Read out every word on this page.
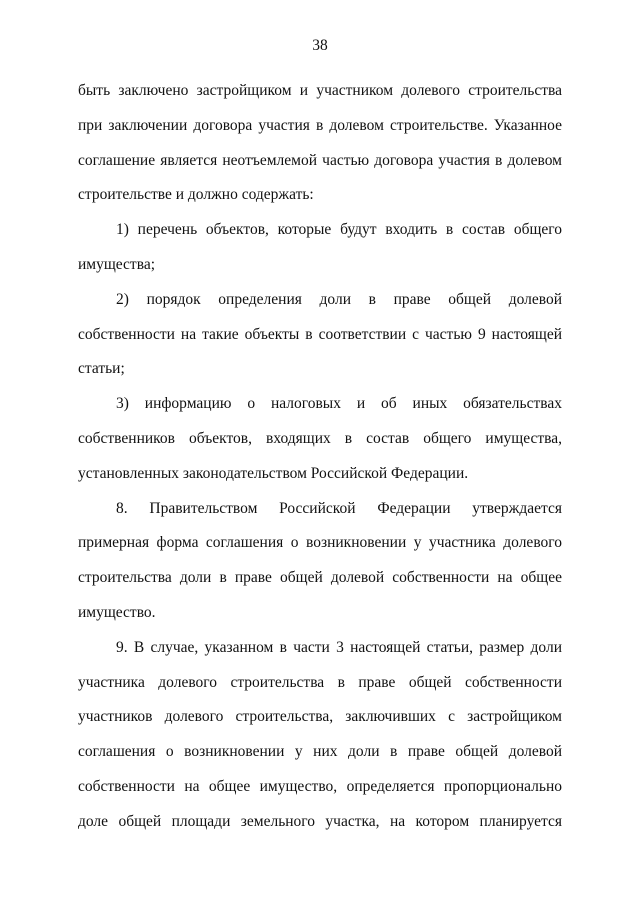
38

быть заключено застройщиком и участником долевого строительства при заключении договора участия в долевом строительстве. Указанное соглашение является неотъемлемой частью договора участия в долевом строительстве и должно содержать:

1) перечень объектов, которые будут входить в состав общего имущества;

2) порядок определения доли в праве общей долевой собственности на такие объекты в соответствии с частью 9 настоящей статьи;

3) информацию о налоговых и об иных обязательствах собственников объектов, входящих в состав общего имущества, установленных законодательством Российской Федерации.

8. Правительством Российской Федерации утверждается примерная форма соглашения о возникновении у участника долевого строительства доли в праве общей долевой собственности на общее имущество.

9. В случае, указанном в части 3 настоящей статьи, размер доли участника долевого строительства в праве общей собственности участников долевого строительства, заключивших с застройщиком соглашения о возникновении у них доли в праве общей долевой собственности на общее имущество, определяется пропорционально доле общей площади земельного участка, на котором планируется
